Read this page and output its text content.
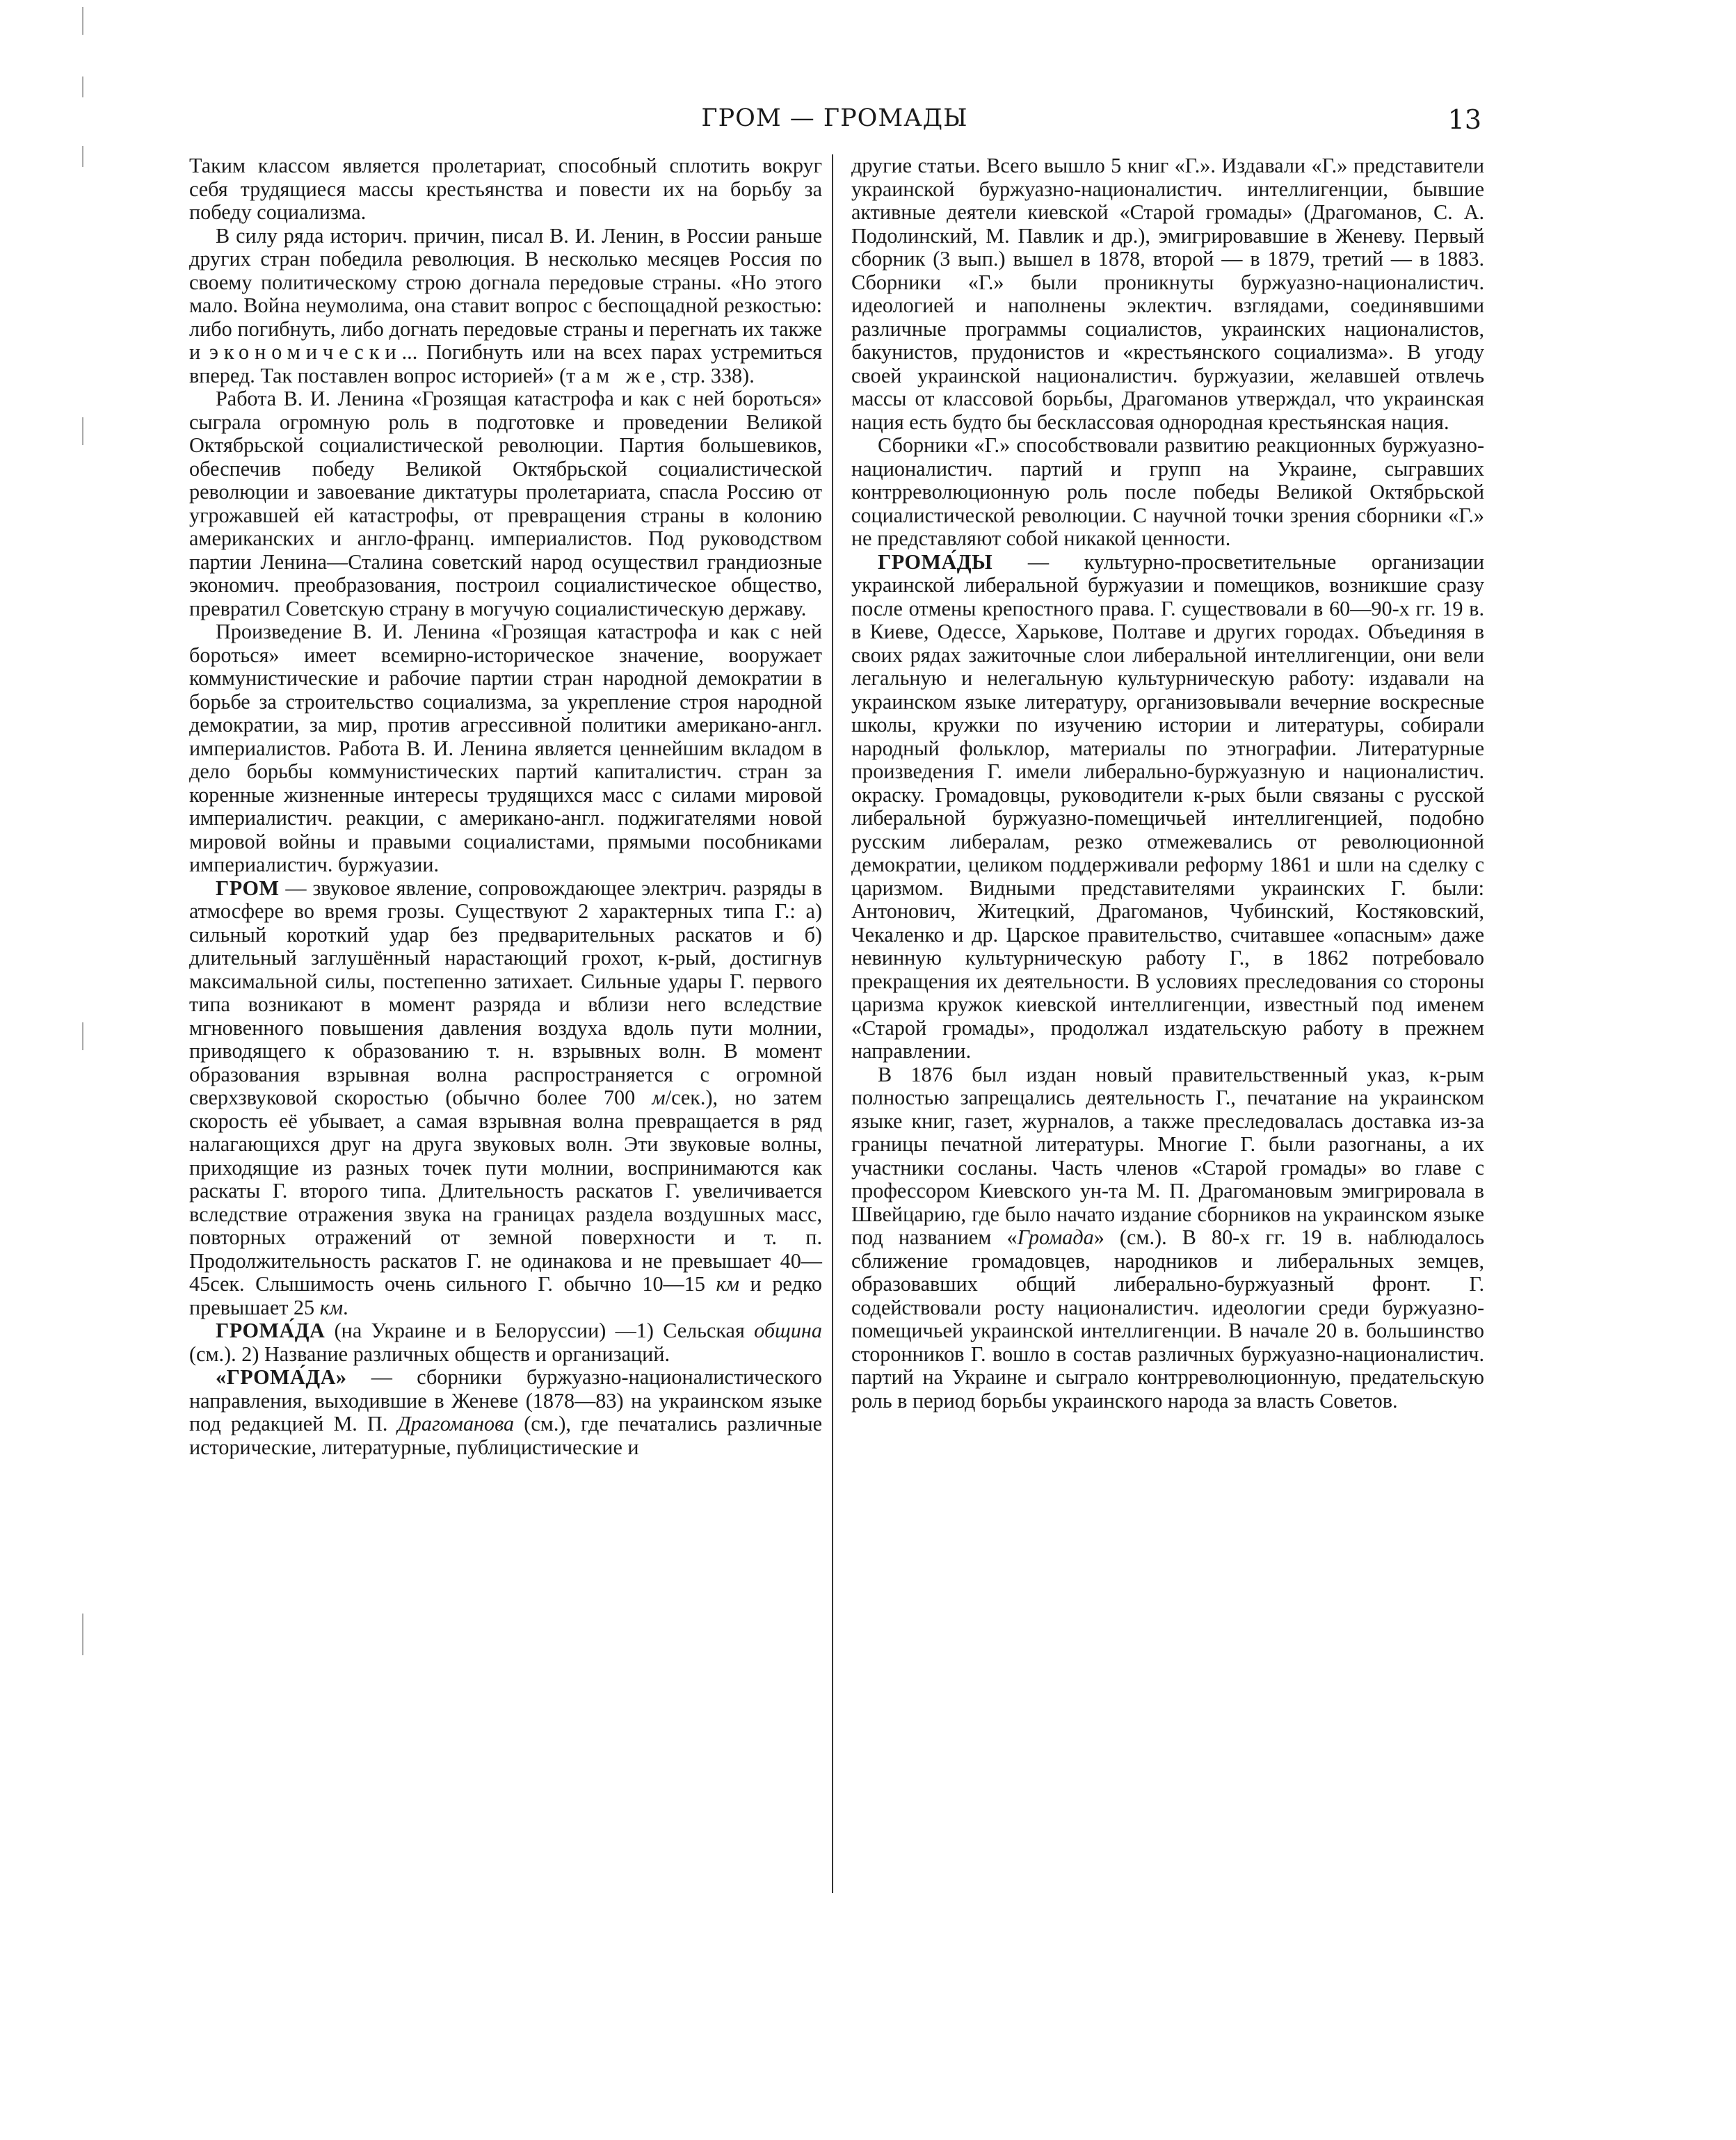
ГРОМ — ГРОМАДЫ	13

Таким классом является пролетариат, способный сплотить вокруг себя трудящиеся массы крестьянства и повести их на борьбу за победу социализма.

В силу ряда историч. причин, писал В. И. Ленин, в России раньше других стран победила революция. В несколько месяцев Россия по своему политическому строю догнала передовые страны. «Но этого мало. Война неумолима, она ставит вопрос с беспощадной резкостью: либо погибнуть, либо догнать передовые страны и перегнать их также и экономически... Погибнуть или на всех парах устремиться вперед. Так поставлен вопрос историей» (там же, стр. 338).

Работа В. И. Ленина «Грозящая катастрофа и как с ней бороться» сыграла огромную роль в подготовке и проведении Великой Октябрьской социалистической революции. Партия большевиков, обеспечив победу Великой Октябрьской социалистической революции и завоевание диктатуры пролетариата, спасла Россию от угрожавшей ей катастрофы, от превращения страны в колонию американских и англо-франц. империалистов. Под руководством партии Ленина—Сталина советский народ осуществил грандиозные экономич. преобразования, построил социалистическое общество, превратил Советскую страну в могучую социалистическую державу.

Произведение В. И. Ленина «Грозящая катастрофа и как с ней бороться» имеет всемирно-историческое значение, вооружает коммунистические и рабочие партии стран народной демократии в борьбе за строительство социализма, за укрепление строя народной демократии, за мир, против агрессивной политики американо-англ. империалистов. Работа В. И. Ленина является ценнейшим вкладом в дело борьбы коммунистических партий капиталистич. стран за коренные жизненные интересы трудящихся масс с силами мировой империалистич. реакции, с американо-англ. поджигателями новой мировой войны и правыми социалистами, прямыми пособниками империалистич. буржуазии.

ГРОМ — звуковое явление, сопровождающее электрич. разряды в атмосфере во время грозы. Существуют 2 характерных типа Г.: а) сильный короткий удар без предварительных раскатов и б) длительный заглушённый нарастающий грохот, к-рый, достигнув максимальной силы, постепенно затихает. Сильные удары Г. первого типа возникают в момент разряда и вблизи него вследствие мгновенного повышения давления воздуха вдоль пути молнии, приводящего к образованию т. н. взрывных волн. В момент образования взрывная волна распространяется с огромной сверхзвуковой скоростью (обычно более 700 м/сек.), но затем скорость её убывает, а самая взрывная волна превращается в ряд налагающихся друг на друга звуковых волн. Эти звуковые волны, приходящие из разных точек пути молнии, воспринимаются как раскаты Г. второго типа. Длительность раскатов Г. увеличивается вследствие отражения звука на границах раздела воздушных масс, повторных отражений от земной поверхности и т. п. Продолжительность раскатов Г. не одинакова и не превышает 40—45сек. Слышимость очень сильного Г. обычно 10—15 км и редко превышает 25 км.

ГРОМА́ДА (на Украине и в Белоруссии) —1) Сельская община (см.). 2) Название различных обществ и организаций.

«ГРОМА́ДА» — сборники буржуазно-националистического направления, выходившие в Женеве (1878—83) на украинском языке под редакцией М. П. Драгоманова (см.), где печатались различные исторические, литературные, публицистические и

другие статьи. Всего вышло 5 книг «Г.». Издавали «Г.» представители украинской буржуазно-националистич. интеллигенции, бывшие активные деятели киевской «Старой громады» (Драгоманов, С. А. Подолинский, М. Павлик и др.), эмигрировавшие в Женеву. Первый сборник (3 вып.) вышел в 1878, второй — в 1879, третий — в 1883. Сборники «Г.» были проникнуты буржуазно-националистич. идеологией и наполнены эклектич. взглядами, соединявшими различные программы социалистов, украинских националистов, бакунистов, прудонистов и «крестьянского социализма». В угоду своей украинской националистич. буржуазии, желавшей отвлечь массы от классовой борьбы, Драгоманов утверждал, что украинская нация есть будто бы бесклассовая однородная крестьянская нация.

Сборники «Г.» способствовали развитию реакционных буржуазно-националистич. партий и групп на Украине, сыгравших контрреволюционную роль после победы Великой Октябрьской социалистической революции. С научной точки зрения сборники «Г.» не представляют собой никакой ценности.

ГРОМА́ДЫ — культурно-просветительные организации украинской либеральной буржуазии и помещиков, возникшие сразу после отмены крепостного права. Г. существовали в 60—90-х гг. 19 в. в Киеве, Одессе, Харькове, Полтаве и других городах. Объединяя в своих рядах зажиточные слои либеральной интеллигенции, они вели легальную и нелегальную культурническую работу: издавали на украинском языке литературу, организовывали вечерние воскресные школы, кружки по изучению истории и литературы, собирали народный фольклор, материалы по этнографии. Литературные произведения Г. имели либерально-буржуазную и националистич. окраску. Громадовцы, руководители к-рых были связаны с русской либеральной буржуазно-помещичьей интеллигенцией, подобно русским либералам, резко отмежевались от революционной демократии, целиком поддерживали реформу 1861 и шли на сделку с царизмом. Видными представителями украинских Г. были: Антонович, Житецкий, Драгоманов, Чубинский, Костяковский, Чекаленко и др. Царское правительство, считавшее «опасным» даже невинную культурническую работу Г., в 1862 потребовало прекращения их деятельности. В условиях преследования со стороны царизма кружок киевской интеллигенции, известный под именем «Старой громады», продолжал издательскую работу в прежнем направлении.

В 1876 был издан новый правительственный указ, к-рым полностью запрещались деятельность Г., печатание на украинском языке книг, газет, журналов, а также преследовалась доставка из-за границы печатной литературы. Многие Г. были разогнаны, а их участники сосланы. Часть членов «Старой громады» во главе с профессором Киевского ун-та М. П. Драгомановым эмигрировала в Швейцарию, где было начато издание сборников на украинском языке под названием «Громада» (см.). В 80-х гг. 19 в. наблюдалось сближение громадовцев, народников и либеральных земцев, образовавших общий либерально-буржуазный фронт. Г. содействовали росту националистич. идеологии среди буржуазно-помещичьей украинской интеллигенции. В начале 20 в. большинство сторонников Г. вошло в состав различных буржуазно-националистич. партий на Украине и сыграло контрреволюционную, предательскую роль в период борьбы украинского народа за власть Советов.
